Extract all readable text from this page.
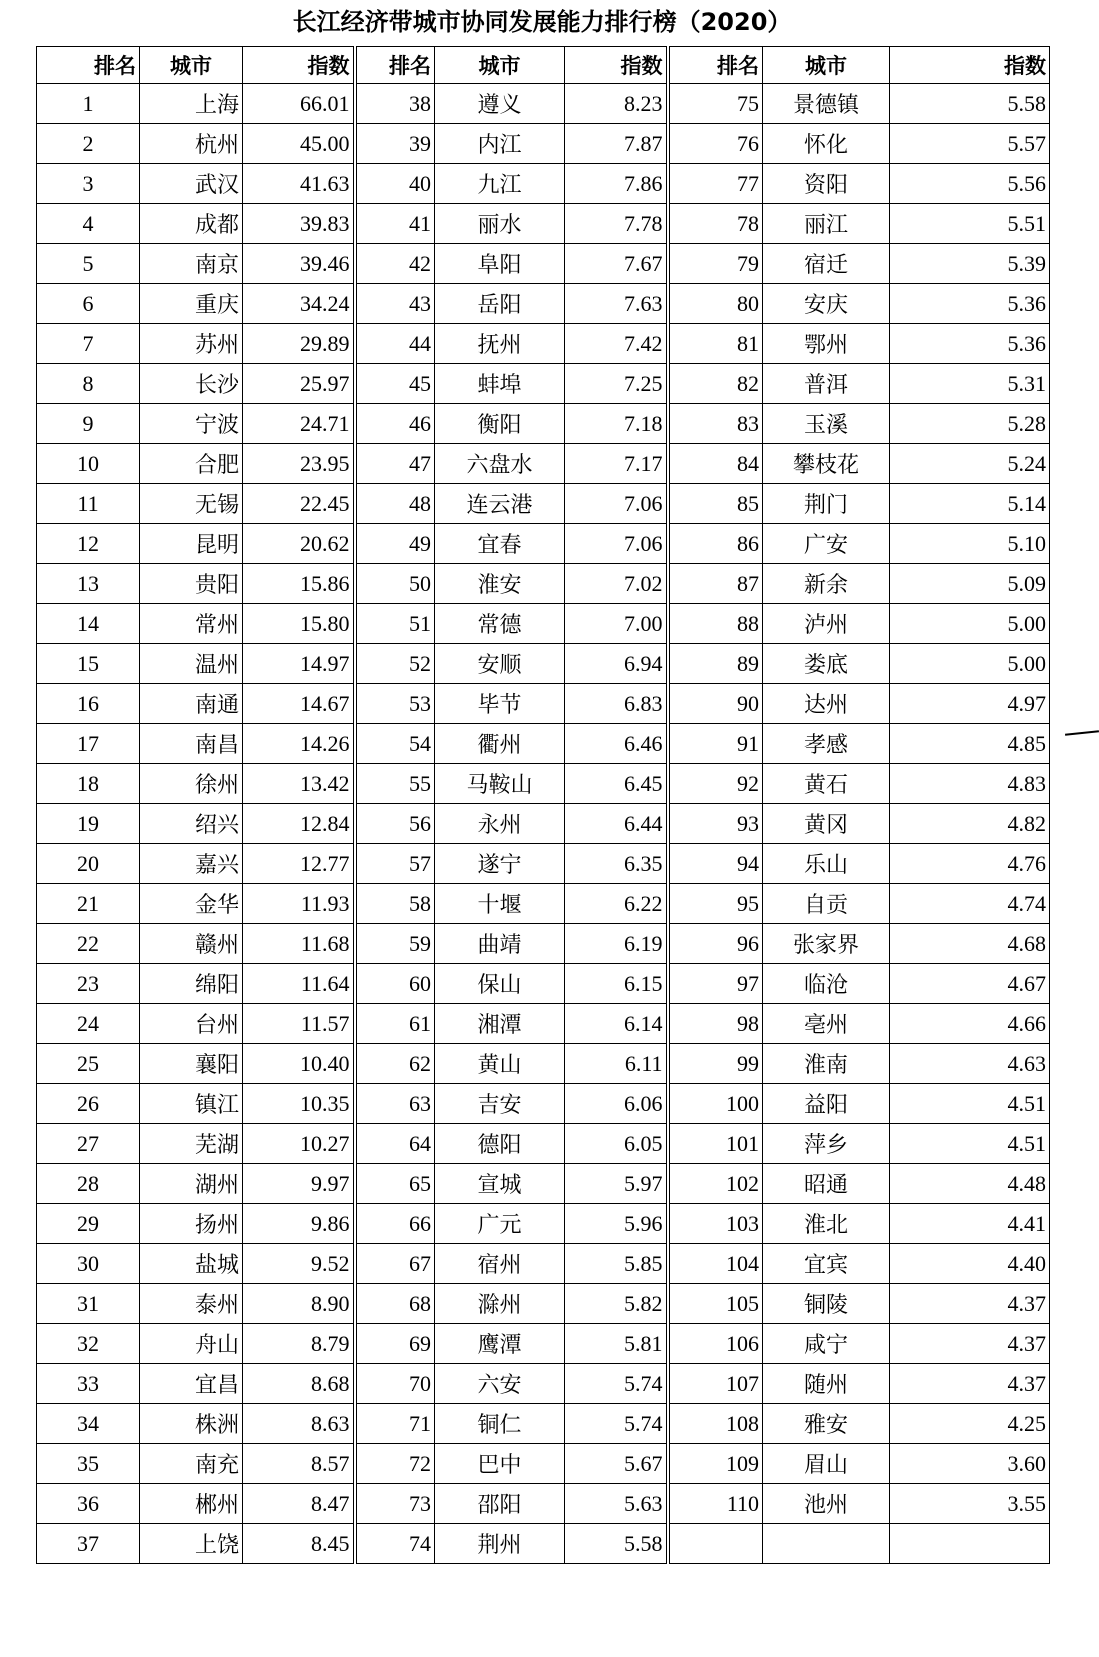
长江经济带城市协同发展能力排行榜（2020）
排名	城市	指数	排名	城市	指数	排名	城市	指数
1	上海	66.01	38	遵义	8.23	75	景德镇	5.58
2	杭州	45.00	39	内江	7.87	76	怀化	5.57
3	武汉	41.63	40	九江	7.86	77	资阳	5.56
4	成都	39.83	41	丽水	7.78	78	丽江	5.51
5	南京	39.46	42	阜阳	7.67	79	宿迁	5.39
6	重庆	34.24	43	岳阳	7.63	80	安庆	5.36
7	苏州	29.89	44	抚州	7.42	81	鄂州	5.36
8	长沙	25.97	45	蚌埠	7.25	82	普洱	5.31
9	宁波	24.71	46	衡阳	7.18	83	玉溪	5.28
10	合肥	23.95	47	六盘水	7.17	84	攀枝花	5.24
11	无锡	22.45	48	连云港	7.06	85	荆门	5.14
12	昆明	20.62	49	宜春	7.06	86	广安	5.10
13	贵阳	15.86	50	淮安	7.02	87	新余	5.09
14	常州	15.80	51	常德	7.00	88	泸州	5.00
15	温州	14.97	52	安顺	6.94	89	娄底	5.00
16	南通	14.67	53	毕节	6.83	90	达州	4.97
17	南昌	14.26	54	衢州	6.46	91	孝感	4.85
18	徐州	13.42	55	马鞍山	6.45	92	黄石	4.83
19	绍兴	12.84	56	永州	6.44	93	黄冈	4.82
20	嘉兴	12.77	57	遂宁	6.35	94	乐山	4.76
21	金华	11.93	58	十堰	6.22	95	自贡	4.74
22	赣州	11.68	59	曲靖	6.19	96	张家界	4.68
23	绵阳	11.64	60	保山	6.15	97	临沧	4.67
24	台州	11.57	61	湘潭	6.14	98	亳州	4.66
25	襄阳	10.40	62	黄山	6.11	99	淮南	4.63
26	镇江	10.35	63	吉安	6.06	100	益阳	4.51
27	芜湖	10.27	64	德阳	6.05	101	萍乡	4.51
28	湖州	9.97	65	宣城	5.97	102	昭通	4.48
29	扬州	9.86	66	广元	5.96	103	淮北	4.41
30	盐城	9.52	67	宿州	5.85	104	宜宾	4.40
31	泰州	8.90	68	滁州	5.82	105	铜陵	4.37
32	舟山	8.79	69	鹰潭	5.81	106	咸宁	4.37
33	宜昌	8.68	70	六安	5.74	107	随州	4.37
34	株洲	8.63	71	铜仁	5.74	108	雅安	4.25
35	南充	8.57	72	巴中	5.67	109	眉山	3.60
36	郴州	8.47	73	邵阳	5.63	110	池州	3.55
37	上饶	8.45	74	荆州	5.58			
